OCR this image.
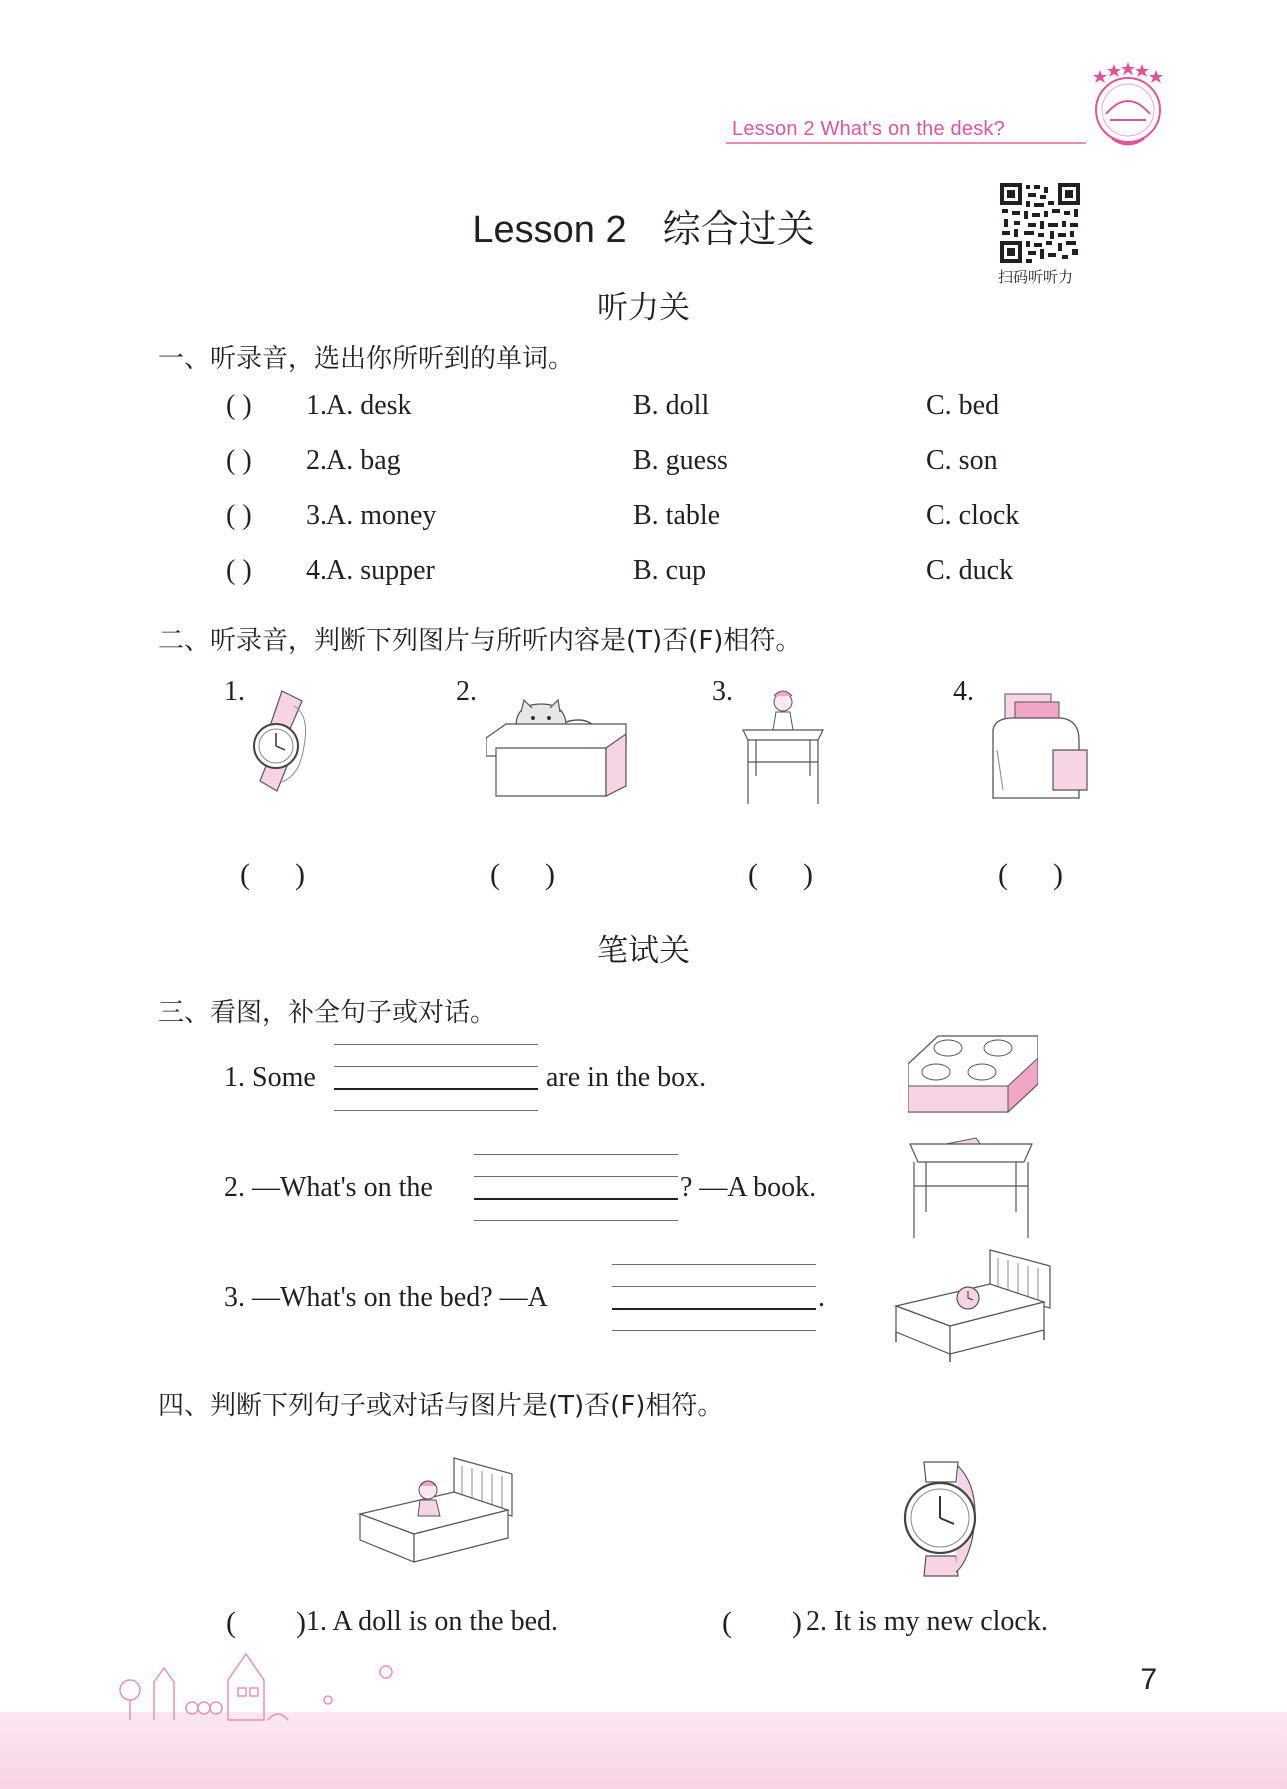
Lesson 2 What's on the desk?
Lesson 2 综合过关
扫码听听力
听力关
一、听录音，选出你所听到的单词。
( ) 1. A. desk	B. doll	C. bed
( ) 2. A. bag	B. guess	C. son
( ) 3. A. money	B. table	C. clock
( ) 4. A. supper	B. cup	C. duck
二、听录音，判断下列图片与所听内容是(T)否(F)相符。
1.
(      )
2.
(      )
3.
(      )
4.
(      )
笔试关
三、看图，补全句子或对话。
1. Some	are in the box.
2. —What's on the	? —A book.
3. —What's on the bed? —A	.
四、判断下列句子或对话与图片是(T)否(F)相符。
(        ) 1. A doll is on the bed.	(        ) 2. It is my new clock.
7
